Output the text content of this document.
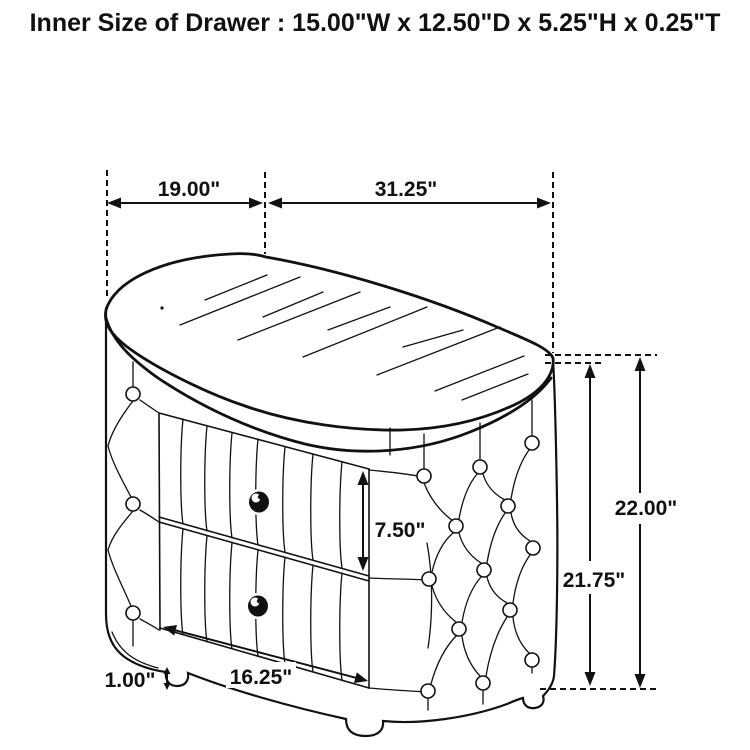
Inner Size of Drawer : 15.00"W x 12.50"D x 5.25"H x 0.25"T
19.00"	31.25"
22.00"
21.75"
7.50"
16.25"
1.00"
